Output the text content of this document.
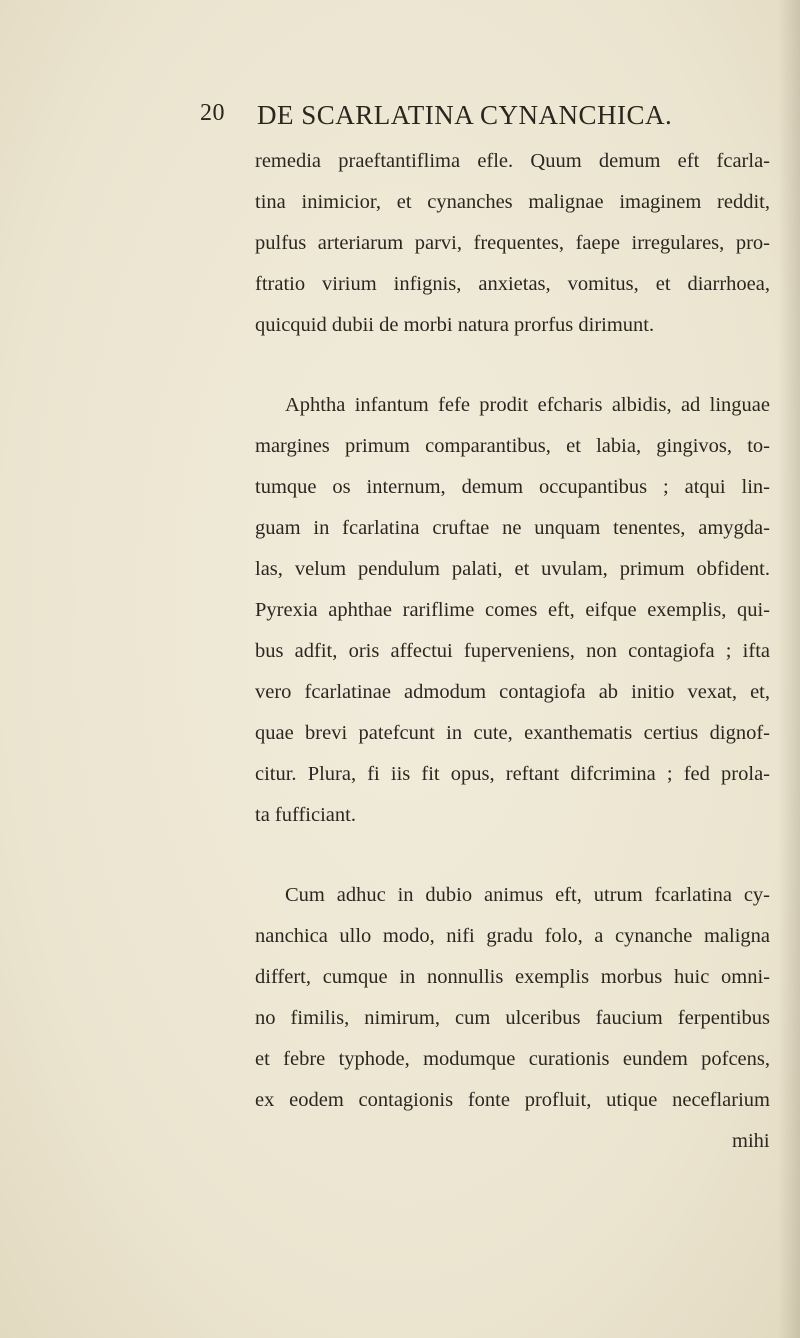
20 DE SCARLATINA CYNANCHICA.
remedia praeftantiflima efle. Quum demum eft fcarla-
tina inimicior, et cynanches malignae imaginem reddit,
pulfus arteriarum parvi, frequentes, faepe irregulares, pro-
ftratio virium infignis, anxietas, vomitus, et diarrhoea,
quicquid dubii de morbi natura prorfus dirimunt.
Aphtha infantum fefe prodit efcharis albidis, ad linguae
margines primum comparantibus, et labia, gingivos, to-
tumque os internum, demum occupantibus ; atqui lin-
guam in fcarlatina cruftae ne unquam tenentes, amygda-
las, velum pendulum palati, et uvulam, primum obfident.
Pyrexia aphthae rariflime comes eft, eifque exemplis, qui-
bus adfit, oris affectui fuperveniens, non contagiofa ; ifta
vero fcarlatinae admodum contagiofa ab initio vexat, et,
quae brevi patefcunt in cute, exanthematis certius dignof-
citur. Plura, fi iis fit opus, reftant difcrimina ; fed prola-
ta fufficiant.
Cum adhuc in dubio animus eft, utrum fcarlatina cy-
nanchica ullo modo, nifi gradu folo, a cynanche maligna
differt, cumque in nonnullis exemplis morbus huic omni-
no fimilis, nimirum, cum ulceribus faucium ferpentibus
et febre typhode, modumque curationis eundem pofcens,
ex eodem contagionis fonte profluit, utique neceflarium
mihi
